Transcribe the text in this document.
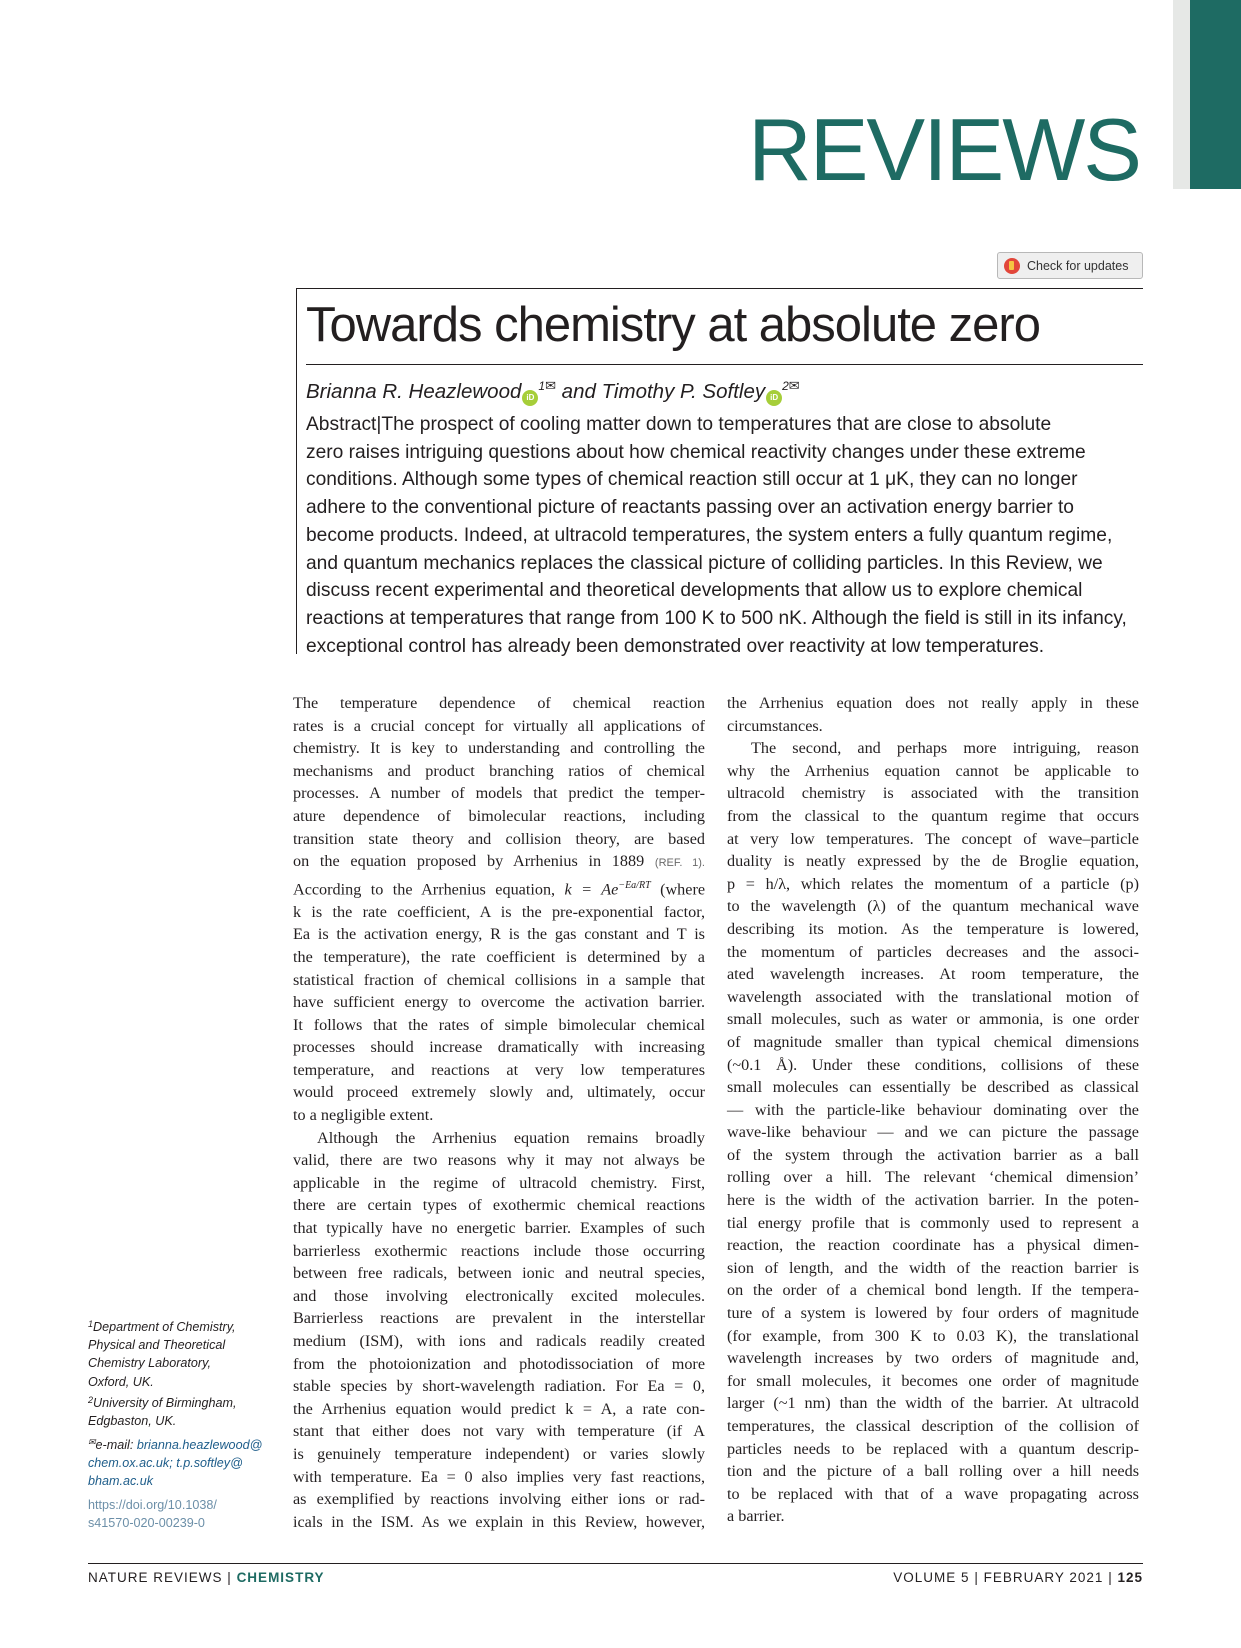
REVIEWS
Check for updates
Towards chemistry at absolute zero
Brianna R. Heazlewood $iD^{1✉}$ and Timothy P. Softley $iD^{2✉}$
Abstract|The prospect of cooling matter down to temperatures that are close to absolute
zero raises intriguing questions about how chemical reactivity changes under these extreme
conditions. Although some types of chemical reaction still occur at 1 μK, they can no longer
adhere to the conventional picture of reactants passing over an activation energy barrier to
become products. Indeed, at ultracold temperatures, the system enters a fully quantum regime,
and quantum mechanics replaces the classical picture of colliding particles. In this Review, we
discuss recent experimental and theoretical developments that allow us to explore chemical
reactions at temperatures that range from 100 K to 500 nK. Although the field is still in its infancy,
exceptional control has already been demonstrated over reactivity at low temperatures.
The temperature dependence of chemical reaction
rates is a crucial concept for virtually all applications of
chemistry. It is key to understanding and controlling the
mechanisms and product branching ratios of chemical
processes. A number of models that predict the temper-
ature dependence of bimolecular reactions, including
transition state theory and collision theory, are based
on the equation proposed by Arrhenius in 1889 (REF. 1).
According to the Arrhenius equation, $k = Ae^{-Ea/RT}$ (where
k is the rate coefficient, A is the pre-exponential factor,
Ea is the activation energy, R is the gas constant and T is
the temperature), the rate coefficient is determined by a
statistical fraction of chemical collisions in a sample that
have sufficient energy to overcome the activation barrier.
It follows that the rates of simple bimolecular chemical
processes should increase dramatically with increasing
temperature, and reactions at very low temperatures
would proceed extremely slowly and, ultimately, occur
to a negligible extent.
Although the Arrhenius equation remains broadly
valid, there are two reasons why it may not always be
applicable in the regime of ultracold chemistry. First,
there are certain types of exothermic chemical reactions
that typically have no energetic barrier. Examples of such
barrierless exothermic reactions include those occurring
between free radicals, between ionic and neutral species,
and those involving electronically excited molecules.
Barrierless reactions are prevalent in the interstellar
medium (ISM), with ions and radicals readily created
from the photoionization and photodissociation of more
stable species by short-wavelength radiation. For Ea = 0,
the Arrhenius equation would predict k = A, a rate con-
stant that either does not vary with temperature (if A
is genuinely temperature independent) or varies slowly
with temperature. Ea = 0 also implies very fast reactions,
as exemplified by reactions involving either ions or rad-
icals in the ISM. As we explain in this Review, however,
the Arrhenius equation does not really apply in these
circumstances.
The second, and perhaps more intriguing, reason
why the Arrhenius equation cannot be applicable to
ultracold chemistry is associated with the transition
from the classical to the quantum regime that occurs
at very low temperatures. The concept of wave–particle
duality is neatly expressed by the de Broglie equation,
p = h/λ, which relates the momentum of a particle (p)
to the wavelength (λ) of the quantum mechanical wave
describing its motion. As the temperature is lowered,
the momentum of particles decreases and the associ-
ated wavelength increases. At room temperature, the
wavelength associated with the translational motion of
small molecules, such as water or ammonia, is one order
of magnitude smaller than typical chemical dimensions
(~0.1 Å). Under these conditions, collisions of these
small molecules can essentially be described as classical
— with the particle-like behaviour dominating over the
wave-like behaviour — and we can picture the passage
of the system through the activation barrier as a ball
rolling over a hill. The relevant ‘chemical dimension’
here is the width of the activation barrier. In the poten-
tial energy profile that is commonly used to represent a
reaction, the reaction coordinate has a physical dimen-
sion of length, and the width of the reaction barrier is
on the order of a chemical bond length. If the tempera-
ture of a system is lowered by four orders of magnitude
(for example, from 300 K to 0.03 K), the translational
wavelength increases by two orders of magnitude and,
for small molecules, it becomes one order of magnitude
larger (~1 nm) than the width of the barrier. At ultracold
temperatures, the classical description of the collision of
particles needs to be replaced with a quantum descrip-
tion and the picture of a ball rolling over a hill needs
to be replaced with that of a wave propagating across
a barrier.
$^1$Department of Chemistry,
Physical and Theoretical
Chemistry Laboratory,
Oxford, UK.
$^2$University of Birmingham,
Edgbaston, UK.
✉e-mail: brianna.heazlewood@
chem.ox.ac.uk; t.p.softley@
bham.ac.uk
https://doi.org/10.1038/
s41570-020-00239-0
NATURE REVIEWS | CHEMISTRY	VOLUME 5 | FEBRUARY 2021 | 125
